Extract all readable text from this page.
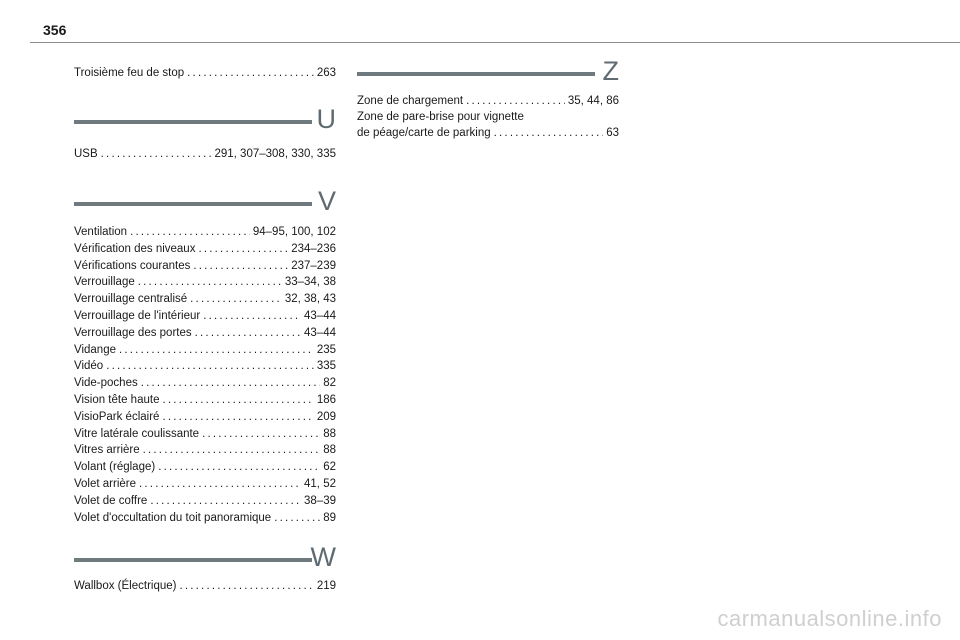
356
Troisième feu de stop .....	263
U
USB .....	291, 307–308, 330, 335
V
Ventilation .....	94–95, 100, 102
Vérification des niveaux .....	234–236
Vérifications courantes .....	237–239
Verrouillage .....	33–34, 38
Verrouillage centralisé .....	32, 38, 43
Verrouillage de l'intérieur .....	43–44
Verrouillage des portes .....	43–44
Vidange .....	235
Vidéo .....	335
Vide-poches .....	82
Vision tête haute .....	186
VisioPark éclairé .....	209
Vitre latérale coulissante .....	88
Vitres arrière .....	88
Volant (réglage) .....	62
Volet arrière .....	41, 52
Volet de coffre .....	38–39
Volet d'occultation du toit panoramique .....	89
W
Wallbox (Électrique) .....	219
Z
Zone de chargement .....	35, 44, 86
Zone de pare-brise pour vignette
de péage/carte de parking .....	63
carmanualsonline.info
